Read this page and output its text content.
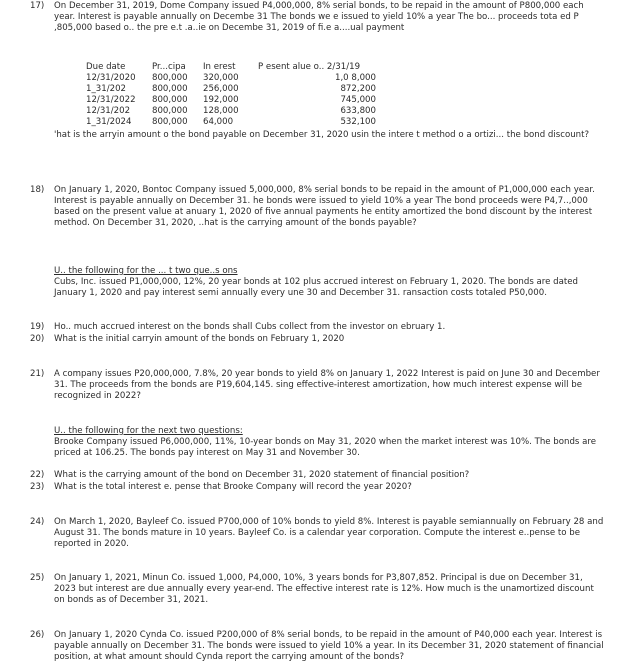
17) On December 31, 2019, Dome Company issued P4,000,000, 8% serial bonds, to be repaid in the amount of P800,000 each year. Interest is payable annually on Decembe 31 The bonds we e issued to yield 10% a year The bo... proceeds tota ed P ,805,000 based o.. the pre e.t .a..ie on Decembe 31, 2019 of fi.e a....ual payment

Due date	Pr...cipa In erest	P esent alue o.. 2/31/19
12/31/2020 800,000 320,000	1,0 8,000
1_31/202	800,000 256,000	872,200
12/31/2022 800,000 192,000	745,000
12/31/202	800,000 128,000	633,800
1_31/2024 800,000 64,000	532,100

'hat is the arryin amount o the bond payable on December 31, 2020 usin the intere t method o a ortizi... the bond discount?

18) On January 1, 2020, Bontoc Company issued 5,000,000, 8% serial bonds to be repaid in the amount of P1,000,000 each year. Interest is payable annually on December 31. he bonds were issued to yield 10% a year The bond proceeds were P4,7..,000 based on the present value at anuary 1, 2020 of five annual payments he entity amortized the bond discount by the interest method. On December 31, 2020, ..hat is the carrying amount of the bonds payable?

U.. the following for the ... t two que..s ons

Cubs, Inc. issued P1,000,000, 12%, 20 year bonds at 102 plus accrued interest on February 1, 2020. The bonds are dated January 1, 2020 and pay interest semi annually every une 30 and December 31. ransaction costs totaled P50,000.

19) Ho.. much accrued interest on the bonds shall Cubs collect from the investor on ebruary 1.

20) What is the initial carryin amount of the bonds on February 1, 2020

21) A company issues P20,000,000, 7.8%, 20 year bonds to yield 8% on January 1, 2022 Interest is paid on June 30 and December 31. The proceeds from the bonds are P19,604,145. sing effective-interest amortization, how much interest expense will be recognized in 2022?

U.. the following for the next two questions:

Brooke Company issued P6,000,000, 11%, 10-year bonds on May 31, 2020 when the market interest was 10%. The bonds are priced at 106.25. The bonds pay interest on May 31 and November 30.

22) What is the carrying amount of the bond on December 31, 2020 statement of financial position?

23) What is the total interest e. pense that Brooke Company will record the year 2020?

24) On March 1, 2020, Bayleef Co. issued P700,000 of 10% bonds to yield 8%. Interest is payable semiannually on February 28 and August 31. The bonds mature in 10 years. Bayleef Co. is a calendar year corporation. Compute the interest e..pense to be reported in 2020.

25) On January 1, 2021, Minun Co. issued 1,000, P4,000, 10%, 3 years bonds for P3,807,852. Principal is due on December 31, 2023 but interest are due annually every year-end. The effective interest rate is 12%. How much is the unamortized discount on bonds as of December 31, 2021.

26) On January 1, 2020 Cynda Co. issued P200,000 of 8% serial bonds, to be repaid in the amount of P40,000 each year. Interest is payable annually on December 31. The bonds were issued to yield 10% a year. In its December 31, 2020 statement of financial position, at what amount should Cynda report the carrying amount of the bonds?
